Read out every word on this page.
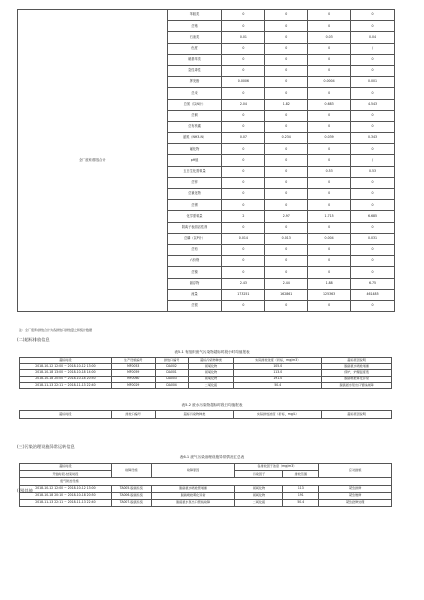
全厂废弃/排放合计	苯胺类	0	0	0	0
	总铬	0	0	0	0
	石油类	0.01	0	0.03	0.04
	色度	0	0	0	/
	硝基苯类	0	0	0	0
	急性毒性	0	0	0	0
	挥发酚	0.0006	0	0.0004	0.001
	总汞	0	0	0	0
	总氮（以N计）	2.04	1.82	0.683	4.543
	总铜	0	0	0	0
	总有机碳	0	0	0	0
	氨氮（NH3-N）	0.07	0.234	0.039	0.343
	氟化物	0	0	0	0
	pH值	0	0	0	/
	五日生化需氧量	0	0	0.53	0.53
	总锌	0	0	0	0
	总氰化物	0	0	0	0
	总锡	0	0	0	0
	化学需氧量	2	2.97	1.715	6.685
	阴离子表面活性剂	0	0	0	0
	总磷（以P计）	0.014	0.013	0.004	0.031
	总铅	0	0	0	0
	六价铬	0	0	0	0
	总镍	0	0	0	0
	悬浮物	2.43	2.44	1.88	6.75
	流量	173251	162861	125363	461485
	总银	0	0	0	0
注：全厂废弃/排放合计为各排放口排放量之和统计数据
(二)超标排放信息
表5-1 有组织废气污染物超标时段小时均值报表
超标时段	生产设施编号	排放口编号	超标污染物种类	实际排放浓度（折标，mg/m3）	超标原因说明
2018-10-12 12:00 ~ 2018-10-12 13:00	MF0053	DA002	氮氧化物	105.0	脱硝氨水喷枪堵塞
2018-10-18 13:00 ~ 2018-10-18 14:00	MF0059	DA001	氮氧化物	113.0	停炉，炉膛温度低
2018-10-18 20:00 ~ 2018-10-18 20:50	MF0060	DA003	氮氧化物	191.0	脱硝喷枪雾化异常
2018-11-13 22:11 ~ 2018-11-13 22:40	MF0029	DA004	二氧化硫	50.4	脱硫氨水泵出口管线故障
表5-2 废水污染物超标时段日均值报表
超标时段	排放口编号	超标污染物种类	实际排放浓度（折标，mg/L）	超标原因说明
(三)污染治理设施异常运转信息
表6-1 废气污染治理设施异常情况汇总表
超标时段	故障设施	故障原因	各排放因子浓度（mg/m3）		应对措施
开始时段-结束时段			污染因子	排放范围	
废气防治设施					
2018-10-12 12:00 ~ 2018-10-12 13:00	TA005-脱硝系统	脱硝氨水喷枪管堵塞	氮氧化物	113	紧急排修
2018-10-18 20:10 ~ 2018-10-18 20:50	TA006-脱硝系统	脱硝喷枪雾化异常	氮氧化物	191	紧急维修
2018-11-13 22:11 ~ 2018-11-13 22:40	TA007-脱硫系统	脱硫氨水泵出口管线故障	二氧化硫	50.4	紧急抢修处理
(四)其他
